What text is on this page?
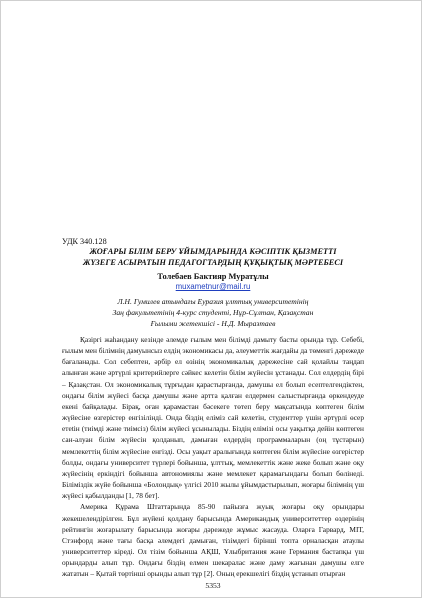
УДК 340.128
ЖОҒАРЫ БІЛІМ БЕРУ ҰЙЫМДАРЫНДА КӘСІПТІК ҚЫЗМЕТТІ
ЖҮЗЕГЕ АСЫРАТЫН ПЕДАГОГТАРДЫҢ ҚҰҚЫҚТЫҚ МӘРТЕБЕСІ
Толебаев Бактияр Муратұлы
muxametnur@mail.ru
Л.Н. Гумилев атындағы Еуразия ұлттық университетінің
Заң факультетінің 4-курс студенті, Нұр-Сұлтан, Қазақстан
Ғылыми жетекшісі - Н.Д. Мыразтаев

Қазіргі жаһандану кезінде әлемде ғылым мен білімді дамыту басты орында тұр. Себебі, ғылым мен білімнің дамуынсыз елдің экономикасы да, әлеуметтік жағдайы да төменгі дәрежеде бағаланады. Сол себептен, әрбір ел өзінің экономикалық дәрежесіне сай қолайлы таңдап алынған және әртүрлі критерийлерге сәйкес келетін білім жүйесін ұстанады. Сол елдердің бірі – Қазақстан. Ол экономикалық тұрғыдан қарастырғанда, дамушы ел болып есептелгендіктен, ондағы білім жүйесі басқа дамушы және артта қалған елдермен салыстырғанда өркендеуде екені байқалады. Бірақ, оған қарамастан бәсекеге төтеп беру мақсатында көптеген білім жүйесіне өзгерістер енгізілінді. Онда біздің еліміз сай келетін, студенттер үшін әртүрлі өсер етеtін (тиімді және тиімсіз) білім жүйесі ұсынылады. Біздің елімізі осы уақытқа дейін көптеген сан-алуан білім жүйесін қолданып, дамыған елдердің программаларын (оң тұстарын) мемлекеттің білім жүйесіне енгізді. Осы уақыт аралығында көптеген білім жүйесіне өзгерістер болды, ондағы университет түрлері бойынша, ұлттық, мемлекеттік және жеке болып және оқу жүйесінің еркіндігі бойынша автономиялы және мемлекет қарамағындағы болып бөлінеді. Біліміздік жүйе бойынша «Болондық» үлгісі 2010 жылы ұйымдастырылып, жоғары білімнің үш жүйесі қабылданды [1, 78 бет].

Америка Құрама Штаттарында 85-90 пайызға жуық жоғары оқу орындары жекешелендірілген. Бұл жүйені қолдану барысында Американдық университеттер өздерінің рейтингін жоғарылату барысында жоғары дәрежеде жұмыс жасауда. Оларға Гарвард, МІТ, Стэнфорд және тағы басқа әлемдегі дамыған, тізімдегі бірінші топта орналасқан атаулы университеттер кіреді. Ол тізім бойынша АҚШ, Ұлыбритания және Германия бастапқы үш орындарды алып тұр. Ондағы біздің елмен шекаралас және даму жағынан дамушы елге жататын – Қытай төртінші орынды алып тұр [2]. Оның ерекшелігі біздің ұстанып отырған

5353
